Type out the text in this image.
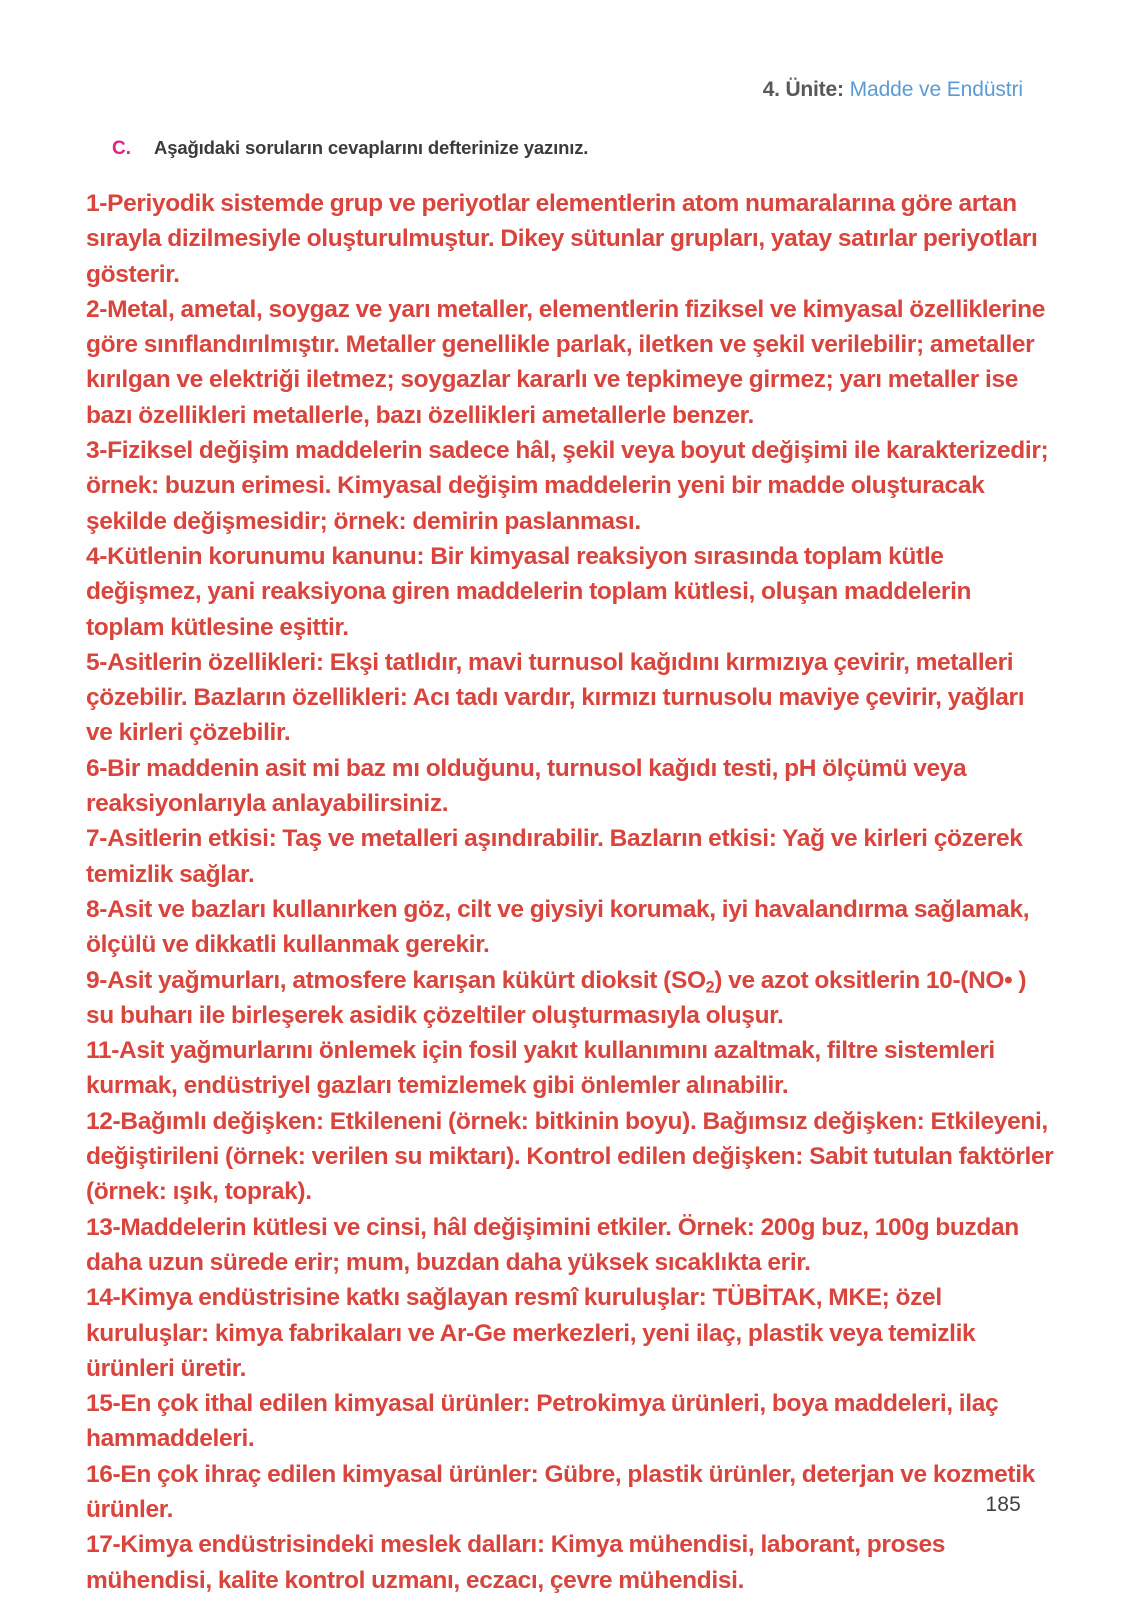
4. Ünite: Madde ve Endüstri
C.	Aşağıdaki soruların cevaplarını defterinize yazınız.

1-Periyodik sistemde grup ve periyotlar elementlerin atom numaralarına göre artan sırayla dizilmesiyle oluşturulmuştur. Dikey sütunlar grupları, yatay satırlar periyotları gösterir.

2-Metal, ametal, soygaz ve yarı metaller, elementlerin fiziksel ve kimyasal özelliklerine göre sınıflandırılmıştır. Metaller genellikle parlak, iletken ve şekil verilebilir; ametaller kırılgan ve elektriği iletmez; soygazlar kararlı ve tepkimeye girmez; yarı metaller ise bazı özellikleri metallerle, bazı özellikleri ametallerle benzer.

3-Fiziksel değişim maddelerin sadece hâl, şekil veya boyut değişimi ile karakterizedir; örnek: buzun erimesi. Kimyasal değişim maddelerin yeni bir madde oluşturacak şekilde değişmesidir; örnek: demirin paslanması.

4-Kütlenin korunumu kanunu: Bir kimyasal reaksiyon sırasında toplam kütle değişmez, yani reaksiyona giren maddelerin toplam kütlesi, oluşan maddelerin toplam kütlesine eşittir.

5-Asitlerin özellikleri: Ekşi tatlıdır, mavi turnusol kağıdını kırmızıya çevirir, metalleri çözebilir. Bazların özellikleri: Acı tadı vardır, kırmızı turnusolu maviye çevirir, yağları ve kirleri çözebilir.

6-Bir maddenin asit mi baz mı olduğunu, turnusol kağıdı testi, pH ölçümü veya reaksiyonlarıyla anlayabilirsiniz.

7-Asitlerin etkisi: Taş ve metalleri aşındırabilir. Bazların etkisi: Yağ ve kirleri çözerek temizlik sağlar.

8-Asit ve bazları kullanırken göz, cilt ve giysiyi korumak, iyi havalandırma sağlamak, ölçülü ve dikkatli kullanmak gerekir.

9-Asit yağmurları, atmosfere karışan kükürt dioksit $(SO_2)$ ve azot oksitlerin 10-(NO• ) su buharı ile birleşerek asidik çözeltiler oluşturmasıyla oluşur.

11-Asit yağmurlarını önlemek için fosil yakıt kullanımını azaltmak, filtre sistemleri kurmak, endüstriyel gazları temizlemek gibi önlemler alınabilir.

12-Bağımlı değişken: Etkileneni (örnek: bitkinin boyu). Bağımsız değişken: Etkileyeni, değiştirileni (örnek: verilen su miktarı). Kontrol edilen değişken: Sabit tutulan faktörler (örnek: ışık, toprak).

13-Maddelerin kütlesi ve cinsi, hâl değişimini etkiler. Örnek: 200g buz, 100g buzdan daha uzun sürede erir; mum, buzdan daha yüksek sıcaklıkta erir.

14-Kimya endüstrisine katkı sağlayan resmî kuruluşlar: TÜBİTAK, MKE; özel kuruluşlar: kimya fabrikaları ve Ar-Ge merkezleri, yeni ilaç, plastik veya temizlik ürünleri üretir.

15-En çok ithal edilen kimyasal ürünler: Petrokimya ürünleri, boya maddeleri, ilaç hammaddeleri.

16-En çok ihraç edilen kimyasal ürünler: Gübre, plastik ürünler, deterjan ve kozmetik ürünler.

17-Kimya endüstrisindeki meslek dalları: Kimya mühendisi, laborant, proses mühendisi, kalite kontrol uzmanı, eczacı, çevre mühendisi.

185
